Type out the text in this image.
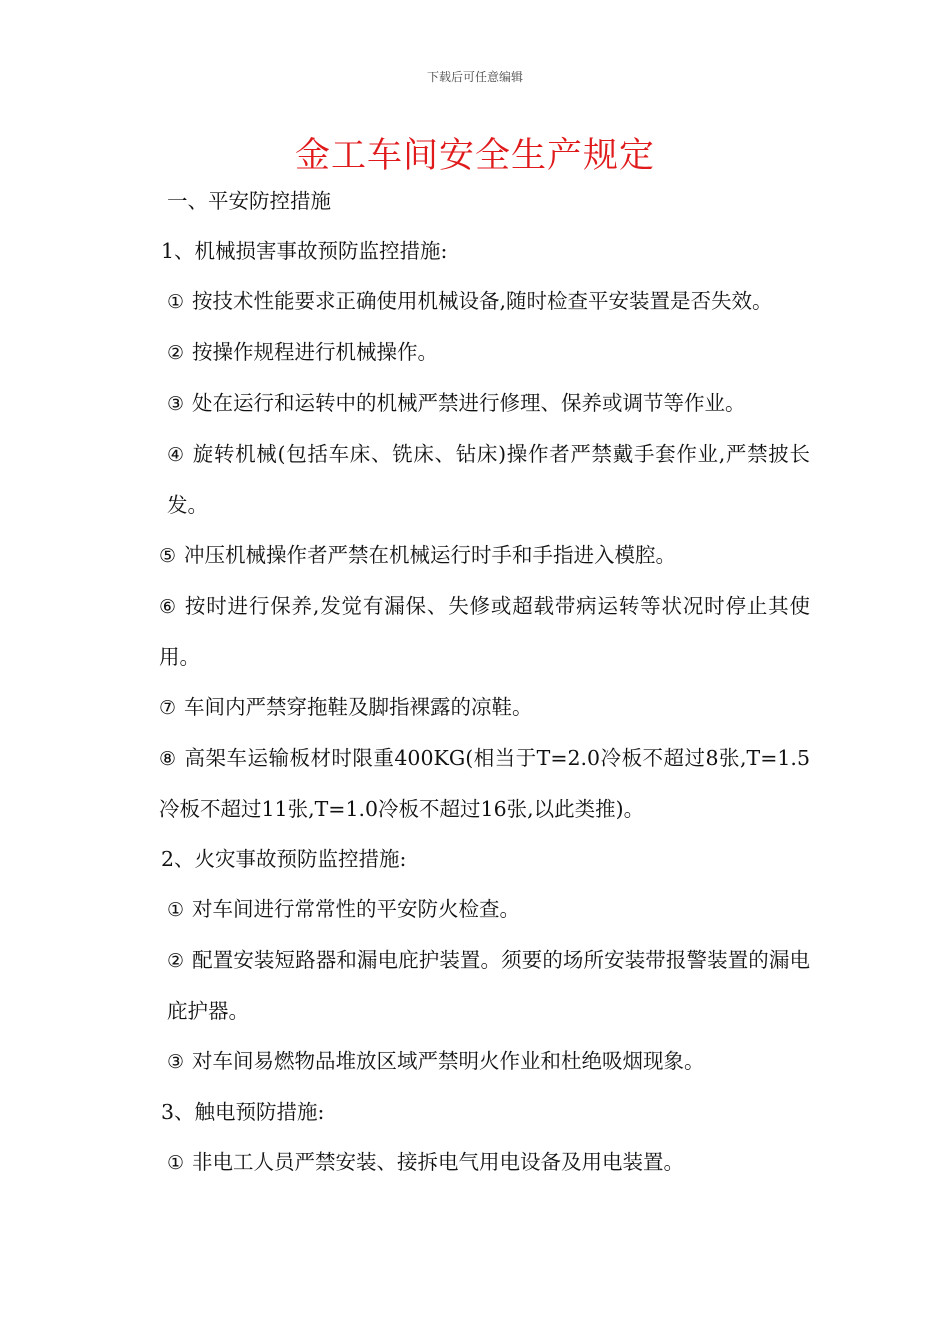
下载后可任意编辑
金工车间安全生产规定

一、平安防控措施

1、机械损害事故预防监控措施:

① 按技术性能要求正确使用机械设备,随时检查平安装置是否失效。

② 按操作规程进行机械操作。

③ 处在运行和运转中的机械严禁进行修理、保养或调节等作业。

④ 旋转机械(包括车床、铣床、钻床)操作者严禁戴手套作业,严禁披长发。

⑤ 冲压机械操作者严禁在机械运行时手和手指进入模腔。

⑥ 按时进行保养,发觉有漏保、失修或超载带病运转等状况时停止其使用。

⑦ 车间内严禁穿拖鞋及脚指裸露的凉鞋。

⑧ 高架车运输板材时限重400KG(相当于T=2.0冷板不超过8张,T=1.5冷板不超过11张,T=1.0冷板不超过16张,以此类推)。

2、火灾事故预防监控措施:

① 对车间进行常常性的平安防火检查。

② 配置安装短路器和漏电庇护装置。须要的场所安装带报警装置的漏电庇护器。

③ 对车间易燃物品堆放区域严禁明火作业和杜绝吸烟现象。

3、触电预防措施:

① 非电工人员严禁安装、接拆电气用电设备及用电装置。
